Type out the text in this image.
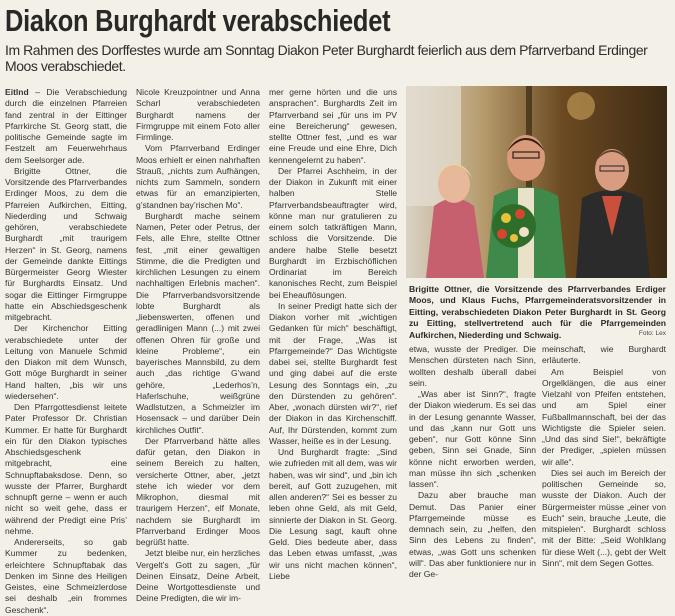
Diakon Burghardt verabschiedet
Im Rahmen des Dorffestes wurde am Sonntag Diakon Peter Burghardt feierlich aus dem Pfarrverband Erdinger Moos verabschiedet.

Eitlnd – Die Verabschiedung durch die einzelnen Pfarreien fand zentral in der Eittinger Pfarrkirche St. Georg statt, die politische Gemeinde sagte im Festzelt am Feuerwehrhaus dem Seelsorger ade.

Brigitte Ottner, die Vorsitzende des Pfarrverbandes Erdinger Moos, zu dem die Pfarreien Aufkirchen, Eitting, Niederding und Schwaig gehören, verabschiedete Burghardt „mit traurigem Herzen“ in St. Georg, namens der Gemeinde dankte Eittings Bürgermeister Georg Wiester für Burghardts Einsatz. Und sogar die Eittinger Firmgruppe hatte ein Abschiedsgeschenk mitgebracht.

Der Kirchenchor Eitting verabschiedete unter der Leitung von Manuele Schmid den Diakon mit dem Wunsch, Gott möge Burghardt in seiner Hand halten, „bis wir uns wiedersehen“.

Den Pfarrgottesdienst leitete Pater Professor Dr. Christian Kummer. Er hatte für Burghardt ein für den Diakon typisches Abschiedsgeschenk mitgebracht, eine Schnupftabaksdose. Denn, so wusste der Pfarrer, Burghardt schnupft gerne – wenn er auch nicht so weit gehe, dass er während der Predigt eine Pris’ nehme.

Andererseits, so gab Kummer zu bedenken, erleichtere Schnupftabak das Denken im Sinne des Heiligen Geistes, eine Schmeizlerdose sei deshalb „ein frommes Geschenk“.

Nicole Kreuzpointner und Anna Scharl verabschiedeten Burghardt namens der Firmgruppe mit einem Foto aller Firmlinge.

Vom Pfarrverband Erdinger Moos erhielt er einen nahrhaften Strauß, „nichts zum Aufhängen, nichts zum Sammeln, sondern etwas für an emanzipierten, g’standnen bay’rischen Mo“.

Burghardt mache seinem Namen, Peter oder Petrus, der Fels, alle Ehre, stellte Ottner fest, „mit einer gewaltigen Stimme, die die Predigten und kirchlichen Lesungen zu einem nachhaltigen Erlebnis machen“. Die Pfarrverbandsvorsitzende lobte Burghardt als „liebenswerten, offenen und geradlinigen Mann (...) mit zwei offenen Ohren für große und kleine Probleme“, ein bayerisches Mannsbild, zu dem auch „das richtige G’wand gehöre, „Lederhos’n, Haferlschuhe, weißgrüne Wadlstutzen, a Schmeizler im Hosensack – und darüber Dein kirchliches Outfit“.

Der Pfarrverband hätte alles dafür getan, den Diakon in seinem Bereich zu halten, versicherte Ottner, aber, „jetzt stehe ich wieder vor dem Mikrophon, diesmal mit traurigem Herzen“, elf Monate, nachdem sie Burghardt im Pfarrverband Erdinger Moos begrüßt hatte.

Jetzt bleibe nur, ein herzliches Vergelt’s Gott zu sagen, „für Deinen Einsatz, Deine Arbeit, Deine Wortgottesdienste und Deine Predigten, die wir im-

mer gerne hörten und die uns ansprachen“. Burghardts Zeit im Pfarrverband sei „für uns im PV eine Bereicherung“ gewesen, stellte Ottner fest, „und es war eine Freude und eine Ehre, Dich kennengelernt zu haben“.

Der Pfarrei Aschheim, in der der Diakon in Zukunft mit einer halben Stelle Pfarrverbandsbeauftragter wird, könne man nur gratulieren zu einem solch tatkräftigen Mann, schloss die Vorsitzende. Die andere halbe Stelle besetzt Burghardt im Erzbischöflichen Ordinariat im Bereich kanonisches Recht, zum Beispiel bei Eheauflösungen.

In seiner Predigt hatte sich der Diakon vorher mit „wichtigen Gedanken für mich“ beschäftigt, mit der Frage, „Was ist Pfarrgemeinde?“ Das Wichtigste dabei sei, stellte Burghardt fest und ging dabei auf die erste Lesung des Sonntags ein, „zu den Dürstenden zu gehören“. Aber, „wonach dürsten wir?“, rief der Diakon in das Kirchenschiff. Auf, Ihr Dürstenden, kommt zum Wasser, heiße es in der Lesung.

Und Burghardt fragte: „Sind wie zufrieden mit all dem, was wir haben, was wir sind“, und „bin ich bereit, auf Gott zuzugehen, mit allen anderen?“ Sei es besser zu leben ohne Geld, als mit Geld, sinnierte der Diakon in St. Georg. Die Lesung sagt, kauft ohne Geld. Dies bedeute aber, dass das Leben etwas umfasst, „was wir uns nicht machen können“, Liebe

Brigitte Ottner, die Vorsitzende des Pfarrverbandes Erdiger Moos, und Klaus Fuchs, Pfarrgemeinderatsvorsitzender in Eitting, verabschiedeten Diakon Peter Burghardt in St. Georg zu Eitting, stellvertretend auch für die Pfarrgemeinden Aufkirchen, Niederding und Schwaig.	Foto: Lex

etwa, wusste der Prediger. Die Menschen dürsteten nach Sinn, wollten deshalb überall dabei sein.

„Was aber ist Sinn?“, fragte der Diakon wiederum. Es sei das in der Lesung genannte Wasser, und das „kann nur Gott uns geben“, nur Gott könne Sinn geben, Sinn sei Gnade, Sinn könne nicht erworben werden, man müsse ihn sich „schenken lassen“.

Dazu aber brauche man Demut. Das Panier einer Pfarrgemeinde müsse es demnach sein, zu „helfen, den Sinn des Lebens zu finden“, etwas, „was Gott uns schenken will“. Das aber funktioniere nur in der Ge-

meinschaft, wie Burghardt erläuterte.

Am Beispiel von Orgelklängen, die aus einer Vielzahl von Pfeifen entstehen, und am Spiel einer Fußballmannschaft, bei der das Wichtigste die Spieler seien. „Und das sind Sie!“, bekräftigte der Prediger, „spielen müssen wir alle“.

Dies sei auch im Bereich der politischen Gemeinde so, wusste der Diakon. Auch der Bürgermeister müsse „einer von Euch“ sein, brauche „Leute, die mitspielen“. Burghardt schloss mit der Bitte: „Seid Wohlklang für diese Welt (...), gebt der Welt Sinn“, mit dem Segen Gottes.
